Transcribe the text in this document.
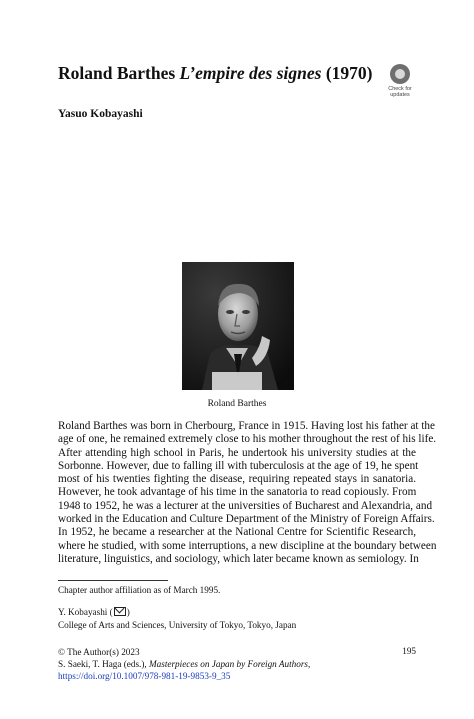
Roland Barthes L’empire des signes (1970)
Check for
updates
Yasuo Kobayashi
Roland Barthes
Roland Barthes was born in Cherbourg, France in 1915. Having lost his father at the
age of one, he remained extremely close to his mother throughout the rest of his life.
After attending high school in Paris, he undertook his university studies at the
Sorbonne. However, due to falling ill with tuberculosis at the age of 19, he spent
most of his twenties fighting the disease, requiring repeated stays in sanatoria.
However, he took advantage of his time in the sanatoria to read copiously. From
1948 to 1952, he was a lecturer at the universities of Bucharest and Alexandria, and
worked in the Education and Culture Department of the Ministry of Foreign Affairs.
In 1952, he became a researcher at the National Centre for Scientific Research,
where he studied, with some interruptions, a new discipline at the boundary between
literature, linguistics, and sociology, which later became known as semiology. In
Chapter author affiliation as of March 1995.
Y. Kobayashi ( )
College of Arts and Sciences, University of Tokyo, Tokyo, Japan
© The Author(s) 2023
S. Saeki, T. Haga (eds.), Masterpieces on Japan by Foreign Authors,
https://doi.org/10.1007/978-981-19-9853-9_35
195
